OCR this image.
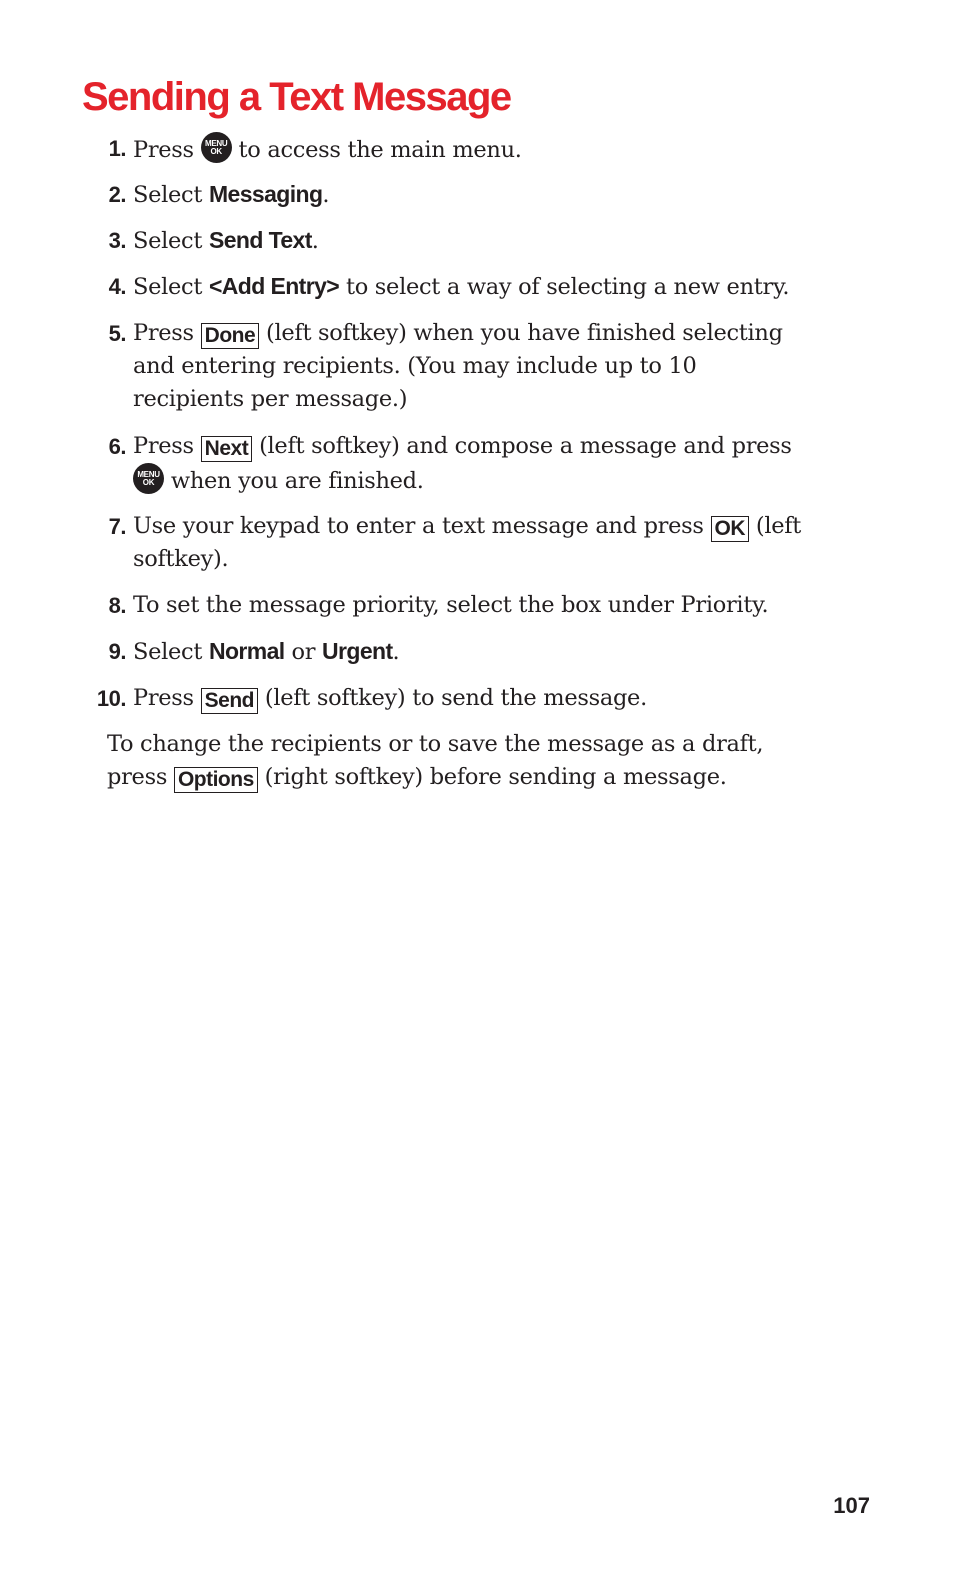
Sending a Text Message
1. Press	MENU
OK to access the main menu.
2. Select Messaging.
3. Select Send Text.
4. Select <Add Entry> to select a way of selecting a new entry.
5. Press Done (left softkey) when you have finished selecting and entering recipients. (You may include up to 10 recipients per message.)
6. Press Next (left softkey) and compose a message and press
MENU
OK when you are finished.
7. Use your keypad to enter a text message and press OK (left softkey).
8. To set the message priority, select the box under Priority.
9. Select Normal or Urgent.
10. Press Send (left softkey) to send the message.
To change the recipients or to save the message as a draft, press Options (right softkey) before sending a message.
107
